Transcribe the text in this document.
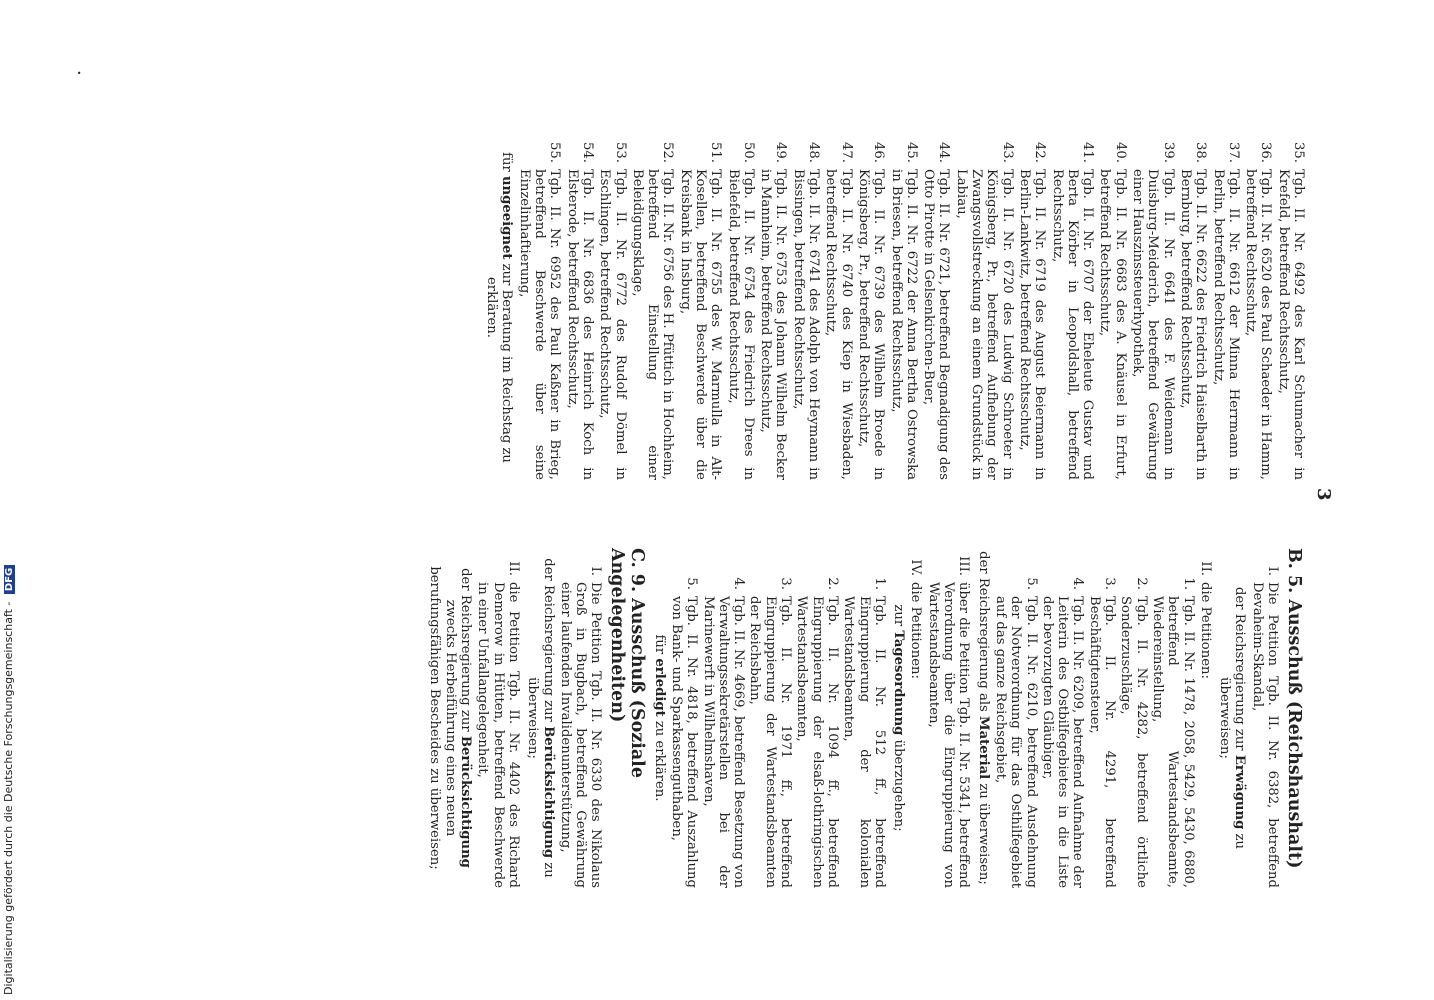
3
·
35.
Tgb. II. Nr. 6492 des Karl Schumacher in Krefeld, betreffend Rechtsschutz,
36.
Tgb. II. Nr. 6520 des Paul Schaeder in Hamm, betreffend Rechtsschutz,
37.
Tgb. II. Nr. 6612 der Minna Herrmann in Berlin, betreffend Rechtsschutz,
38.
Tgb. II. Nr. 6622 des Friedrich Haiselbarth in Bernburg, betreffend Rechtsschutz,
39.
Tgb. II. Nr. 6641 des F. Weidemann in Duisburg-Meiderich, betreffend Gewährung einer Hauszinssteuerhypothek,
40.
Tgb. II. Nr. 6683 des A. Knäusel in Erfurt, betreffend Rechtsschutz,
41.
Tgb. II. Nr. 6707 der Eheleute Gustav und Berta Körber in Leopoldshall, betreffend Rechtsschutz,
42.
Tgb. II. Nr. 6719 des August Beiermann in Berlin-Lankwitz, betreffend Rechtsschutz,
43.
Tgb. II. Nr. 6720 des Ludwig Schroeter in Königsberg, Pr., betreffend Aufhebung der Zwangsvollstreckung an einem Grundstück in Labiau,
44.
Tgb. II. Nr. 6721, betreffend Begnadigung des Otto Pirotte in Gelsenkirchen-Buer,
45.
Tgb. II. Nr. 6722 der Anna Bertha Ostrowska in Briesen, betreffend Rechtsschutz,
46.
Tgb. II. Nr. 6739 des Wilhelm Broede in Königsberg, Pr., betreffend Rechtsschutz,
47.
Tgb. II. Nr. 6740 des Kiep in Wiesbaden, betreffend Rechtsschutz,
48.
Tgb. II. Nr. 6741 des Adolph von Heymann in Bissingen, betreffend Rechtsschutz,
49.
Tgb. II. Nr. 6753 des Johann Wilhelm Becker in Mannheim, betreffend Rechtsschutz,
50.
Tgb. II. Nr. 6754 des Friedrich Drees in Bielefeld, betreffend Rechtsschutz,
51.
Tgb. II. Nr. 6755 des W. Marmulla in Alt-Kosellen, betreffend Beschwerde über die Kreisbank in Insburg,
52.
Tgb. II. Nr. 6756 des H. Pfüttich in Hochheim, betreffend Einstellung einer Beleidigungsklage,
53.
Tgb. II. Nr. 6772 des Rudolf Dömel in Eschlingen, betreffend Rechtsschutz,
54.
Tgb. II. Nr. 6836 des Heinrich Koch in Elsterode, betreffend Rechtsschutz,
55.
Tgb. II. Nr. 6952 des Paul Kaßner in Brieg, betreffend Beschwerde über seine Einzelinhaftierung,
für ungeeignet zur Beratung im Reichstag zu erklären.
B. 5. Ausschuß (Reichshaushalt)
I.
Die Petition Tgb. II. Nr. 6382, betreffend Devaheim-Skandal,
der Reichsregierung zur Erwägung zu überweisen;
II.
die Petitionen:
1.
Tgb. II. Nr. 1478, 2058, 5429, 5430, 6880, betreffend Wartestandsbeamte, Wiedereinstellung,
2.
Tgb. II. Nr. 4282, betreffend örtliche Sonderzuschläge,
3.
Tgb. II. Nr. 4291, betreffend Beschäftigtensteuer,
4.
Tgb. II. Nr. 6209, betreffend Aufnahme der Leiterin des Ostbilfegebietes in die Liste der bevorzugten Gläubiger,
5.
Tgb. II. Nr. 6210, betreffend Ausdehnung der Notverordnung für das Osthilfegebiet auf das ganze Reichsgebiet,
der Reichsregierung als Material zu überweisen;
III.
über die Petition Tgb. II. Nr. 5341, betreffend Verordnung über die Eingruppierung von Wartestandsbeamten,
IV.
die Petitionen:
zur Tagesordnung überzugehen;
1.
Tgb. II. Nr. 512 ff., betreffend Eingruppierung der kolonialen Wartestandsbeamten,
2.
Tgb. II. Nr. 1094 ff., betreffend Eingruppierung der elsaß-lothringischen Wartestandsbeamten,
3.
Tgb. II. Nr. 1971 ff., betreffend Eingruppierung der Wartestandsbeamten der Reichsbahn,
4.
Tgb. II. Nr. 4669, betreffend Besetzung von Verwaltungssekretärstellen bei der Marinewerft in Wilhelmshaven,
5.
Tgb. II. Nr. 4818, betreffend Auszahlung von Bank- und Sparkassenguthaben,
für erledigt zu erklären.
C. 9. Ausschuß (Soziale Angelegenheiten)
I.
Die Petition Tgb. II. Nr. 6330 des Nikolaus Groß in Bugbach, betreffend Gewährung einer laufenden Invalidenunterstützung,
der Reichsregierung zur Berücksichtigung zu überweisen;
II.
die Petition Tgb. II. Nr. 4402 des Richard Demerow in Hütten, betreffend Beschwerde in einer Unfallangelegenheit,
der Reichsregierung zur Berücksichtigung zwecks Herbeiführung eines neuen berufungsfähigen Bescheides zu überweisen;
Digitalisierung gefördert durch die Deutsche Forschungsgemeinschaft - DFG
